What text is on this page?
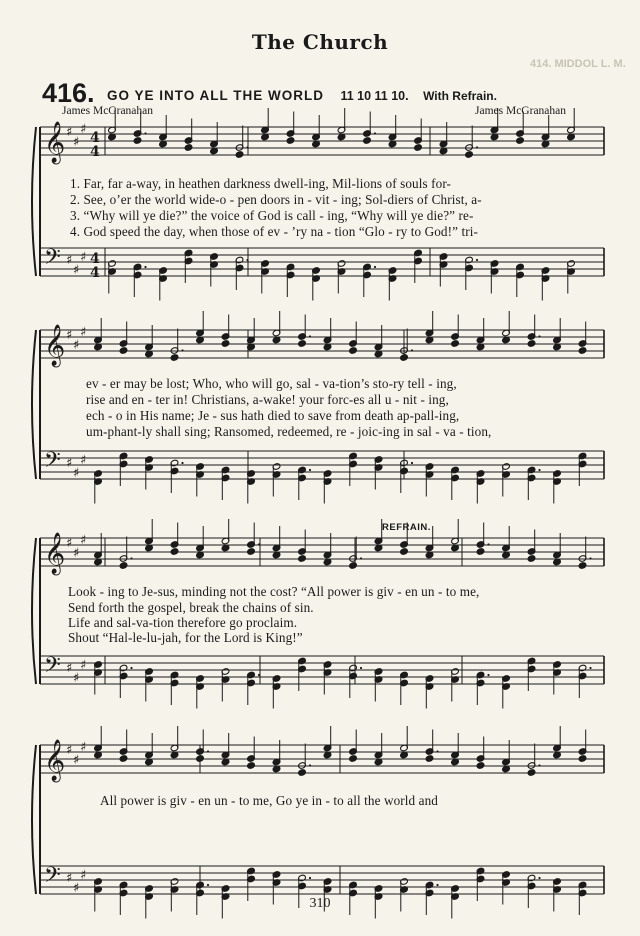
The Church
414. MIDDOL L. M.
416. GO YE INTO ALL THE WORLD 11 10 11 10. With Refrain.
James McGranahan	James McGranahan
𝄞 ♯
♯
♯
4
4
𝄢 ♯
♯
♯ 4
4
𝄞 ♯
♯
♯
𝄢 ♯
♯
♯
𝄞 ♯
♯
♯
𝄢 ♯
♯
♯
𝄞 ♯
♯
♯
𝄢 ♯
♯
♯
REFRAIN.
1. Far, far a-way, in heathen darkness dwell-ing, Mil-lions of souls for-
2. See, o’er the world wide-o - pen doors in - vit - ing; Sol-diers of Christ, a-
3. “Why will ye die?” the voice of God is call - ing, “Why will ye die?” re-
4. God speed the day, when those of ev - ’ry na - tion “Glo - ry to God!” tri-
ev - er may be lost; Who, who will go, sal - va-tion’s sto-ry tell - ing,
rise and en - ter in! Christians, a-wake! your forc-es all u - nit - ing,
ech - o in His name; Je - sus hath died to save from death ap-pall-ing,
um-phant-ly shall sing; Ransomed, redeemed, re - joic-ing in sal - va - tion,
Look - ing to Je-sus, minding not the cost? “All power is giv - en un - to me,
Send forth the gospel, break the chains of sin.
Life and sal-va-tion therefore go proclaim.
Shout “Hal-le-lu-jah, for the Lord is King!”
All power is giv - en un - to me, Go ye in - to all the world and
310
